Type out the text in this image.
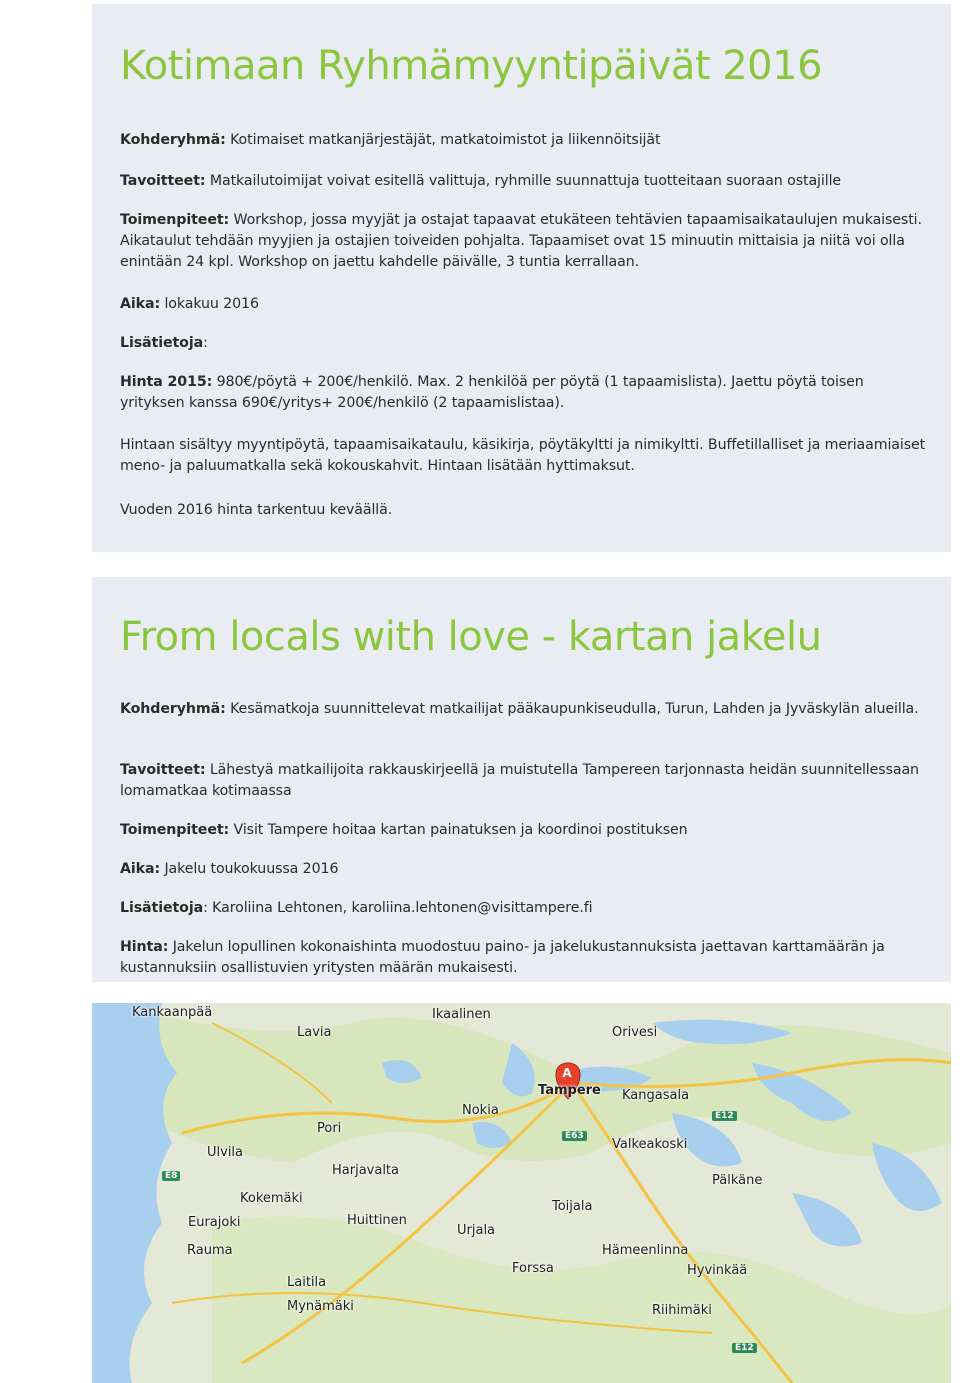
Kotimaan Ryhmämyyntipäivät 2016

Kohderyhmä: Kotimaiset matkanjärjestäjät, matkatoimistot ja liikennöitsijät

Tavoitteet: Matkailutoimijat voivat esitellä valittuja, ryhmille suunnattuja tuotteitaan suoraan ostajille

Toimenpiteet: Workshop, jossa myyjät ja ostajat tapaavat etukäteen tehtävien tapaamisaikataulujen mukaisesti. Aikataulut tehdään myyjien ja ostajien toiveiden pohjalta. Tapaamiset ovat 15 minuutin mittaisia ja niitä voi olla enintään 24 kpl. Workshop on jaettu kahdelle päivälle, 3 tuntia kerrallaan.

Aika: lokakuu 2016

Lisätietoja:

Hinta 2015: 980€/pöytä + 200€/henkilö. Max. 2 henkilöä per pöytä (1 tapaamislista). Jaettu pöytä toisen yrityksen kanssa 690€/yritys+ 200€/henkilö (2 tapaamislistaa).

Hintaan sisältyy myyntipöytä, tapaamisaikataulu, käsikirja, pöytäkyltti ja nimikyltti. Buffetillalliset ja meriaamiaiset meno- ja paluumatkalla sekä kokouskahvit. Hintaan lisätään hyttimaksut.

Vuoden 2016 hinta tarkentuu keväällä.

From locals with love - kartan jakelu

Kohderyhmä: Kesämatkoja suunnittelevat matkailijat pääkaupunkiseudulla, Turun, Lahden ja Jyväskylän alueilla.

Tavoitteet: Lähestyä matkailijoita rakkauskirjeellä ja muistutella Tampereen tarjonnasta heidän suunnitellessaan lomamatkaa kotimaassa

Toimenpiteet: Visit Tampere hoitaa kartan painatuksen ja koordinoi postituksen

Aika: Jakelu toukokuussa 2016

Lisätietoja: Karoliina Lehtonen, karoliina.lehtonen@visittampere.fi

Hinta: Jakelun lopullinen kokonaishinta muodostuu paino- ja jakelukustannuksista jaettavan karttamäärän ja kustannuksiin osallistuvien yritysten määrän mukaisesti.

A
Kankaanpää
Lavia
Ikaalinen
Orivesi
Pori
Tampere Kangasala
Ulvila
Nokia
Harjavalta
Kokemäki
Eurajoki
Valkeakoski
Rauma
Huittinen
Toijala
Laitila
Mynämäki
Forssa
Riihimäki
Hyvinkää
Hämeenlinna
Urjala
Pälkäne
E63
E8
E12
E12
